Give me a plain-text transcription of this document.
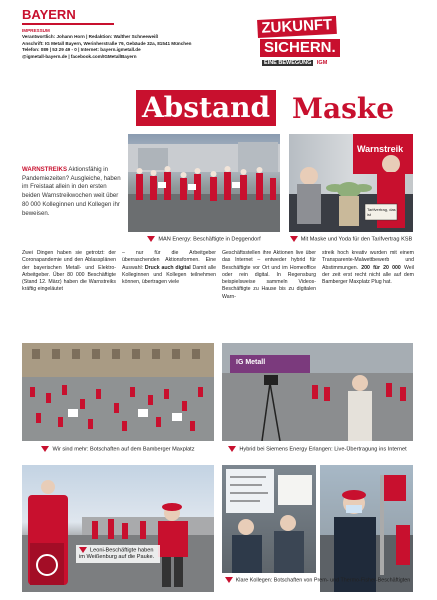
BAYERN
IMPRESSUM
Verantwortlich: Johann Horn | Redaktion: Walther Schneeweiß
Anschrift: IG Metall Bayern, Werinherstraße 79, Gebäude 32a, 81541 München
Telefon: 089 | 53 29 49 - 0 | Internet: bayern.igmetall.de
@igmetall-bayern.de | facebook.com/IGMetallBayern
ZUKUNFT
SICHERN.
EINE BEWEGUNG IGM
Abstand Maske
WARNSTREIKS Aktionsfähig in Pandemiezeiten? Ausgleiche, haben im Freistaat allein in den ersten beiden Warnstreikwochen weit über 80 000 Kolleginnen und Kollegen ihr beweisen.
MAN Energy: Beschäftigte in Deggendorf
Warnstreik
Tarifvertrag, das ist
Mit Maske und Yoda für den Tarifvertrag KSB
Zwei Dingen haben sie getrotzt: der Coronapandemie und den Ablassplänen der bayerischen Metall- und Elektro-Arbeitgeber. Über 80 000 Beschäftigte (Stand 12. März) haben die Warnstreiks kräftig eingeläutet
– nur für die Arbeitgeber überraschenden Aktionsformen. Eine Auswahl: Druck auch digital Damit alle Kolleginnen und Kollegen teilnehmen können, übertragen viele
Geschäftsstellen ihre Aktionen live über das Internet – entweder hybrid für Beschäftigte vor Ort und im Homeoffice oder rein digital. In Regensburg beispielsweise sammeln Videos-Beschäftigte zu Hause bis zu digitalen Warn-
streik hoch kreativ wurden mit einem Transparente-Malwettbewerb und Abstimmungen. 200 für 20 000 Weil der zeit erst recht nicht alle auf dem Bamberger Maxplatz Plug hat.
Wir sind mehr: Botschaften auf dem Bamberger Maxplatz
IG Metall
Hybrid bei Siemens Energy Erlangen: Live-Übertragung ins Internet
Leoni-Beschäftigte haben im Weißenburg auf die Pauke.
Klare Kollegen: Botschaften von Prem- und Thermo-Fisher-Beschäftigten
